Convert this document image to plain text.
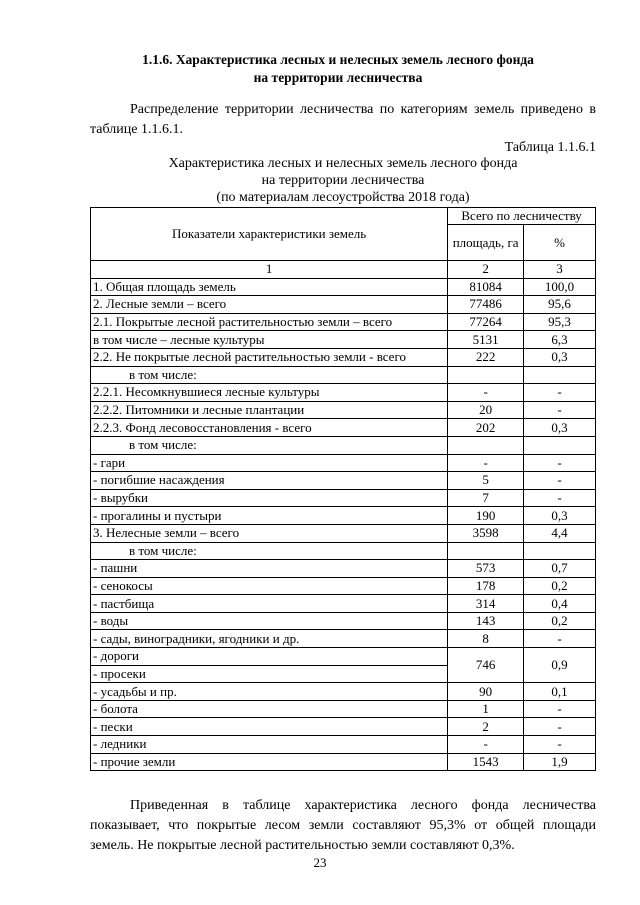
1.1.6. Характеристика лесных и нелесных земель лесного фонда
на территории лесничества

Распределение территории лесничества по категориям земель приведено в таблице 1.1.6.1.

Таблица 1.1.6.1
Характеристика лесных и нелесных земель лесного фонда
на территории лесничества
(по материалам лесоустройства 2018 года)
Показатели характеристики земель	Всего по лесничеству	
	площадь, га	%
1	2	3
1. Общая площадь земель	81084	100,0
2. Лесные земли – всего	77486	95,6
2.1. Покрытые лесной растительностью земли – всего	77264	95,3
в том числе – лесные культуры	5131	6,3
2.2. Не покрытые лесной растительностью земли - всего	222	0,3
в том числе:		
2.2.1. Несомкнувшиеся лесные культуры	-	-
2.2.2. Питомники и лесные плантации	20	-
2.2.3. Фонд лесовосстановления - всего	202	0,3
в том числе:		
- гари	-	-
- погибшие насаждения	5	-
- вырубки	7	-
- прогалины и пустыри	190	0,3
3. Нелесные земли – всего	3598	4,4
в том числе:		
- пашни	573	0,7
- сенокосы	178	0,2
- пастбища	314	0,4
- воды	143	0,2
- сады, виноградники, ягодники и др.	8	-
- дороги	746	0,9
- просеки		
- усадьбы и пр.	90	0,1
- болота	1	-
- пески	2	-
- ледники	-	-
- прочие земли	1543	1,9

Приведенная в таблице характеристика лесного фонда лесничества показывает, что покрытые лесом земли составляют 95,3% от общей площади земель. Не покрытые лесной растительностью земли составляют 0,3%.

23
